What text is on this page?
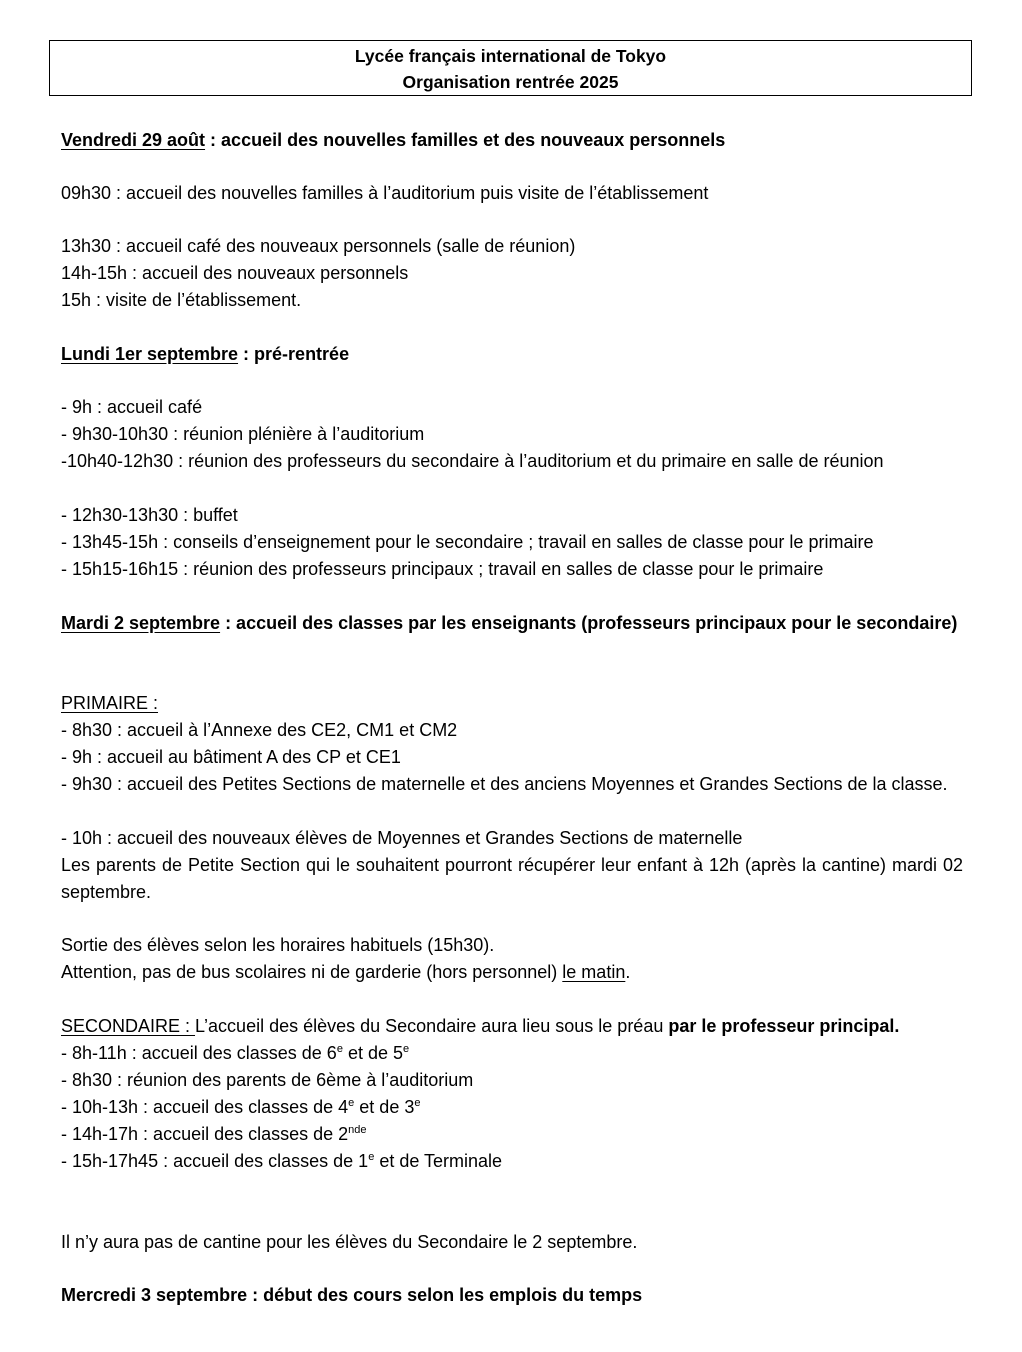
Lycée français international de Tokyo
Organisation rentrée 2025
Vendredi 29 août : accueil des nouvelles familles et des nouveaux personnels
09h30 : accueil des nouvelles familles à l’auditorium puis visite de l’établissement
13h30 : accueil café des nouveaux personnels (salle de réunion)
14h-15h : accueil des nouveaux personnels
15h : visite de l’établissement.
Lundi 1er septembre : pré-rentrée
- 9h : accueil café
- 9h30-10h30 : réunion plénière à l’auditorium
-10h40-12h30 : réunion des professeurs du secondaire à l’auditorium et du primaire en salle de réunion
- 12h30-13h30 : buffet
- 13h45-15h : conseils d’enseignement pour le secondaire ; travail en salles de classe pour le primaire
- 15h15-16h15 : réunion des professeurs principaux ; travail en salles de classe pour le primaire
Mardi 2 septembre : accueil des classes par les enseignants (professeurs principaux pour le secondaire)
PRIMAIRE :
- 8h30 : accueil à l’Annexe des CE2, CM1 et CM2
- 9h : accueil au bâtiment A des CP et CE1
- 9h30 : accueil des Petites Sections de maternelle et des anciens Moyennes et Grandes Sections de la classe.
- 10h : accueil des nouveaux élèves de Moyennes et Grandes Sections de maternelle
Les parents de Petite Section qui le souhaitent pourront récupérer leur enfant à 12h (après la cantine) mardi 02 septembre.
Sortie des élèves selon les horaires habituels (15h30).
Attention, pas de bus scolaires ni de garderie (hors personnel) le matin.
SECONDAIRE : L’accueil des élèves du Secondaire aura lieu sous le préau par le professeur principal.
- 8h-11h : accueil des classes de 6e et de 5e
- 8h30 : réunion des parents de 6ème à l’auditorium
- 10h-13h : accueil des classes de 4e et de 3e
- 14h-17h : accueil des classes de 2nde
- 15h-17h45 : accueil des classes de 1e et de Terminale
Il n’y aura pas de cantine pour les élèves du Secondaire le 2 septembre.
Mercredi 3 septembre : début des cours selon les emplois du temps
